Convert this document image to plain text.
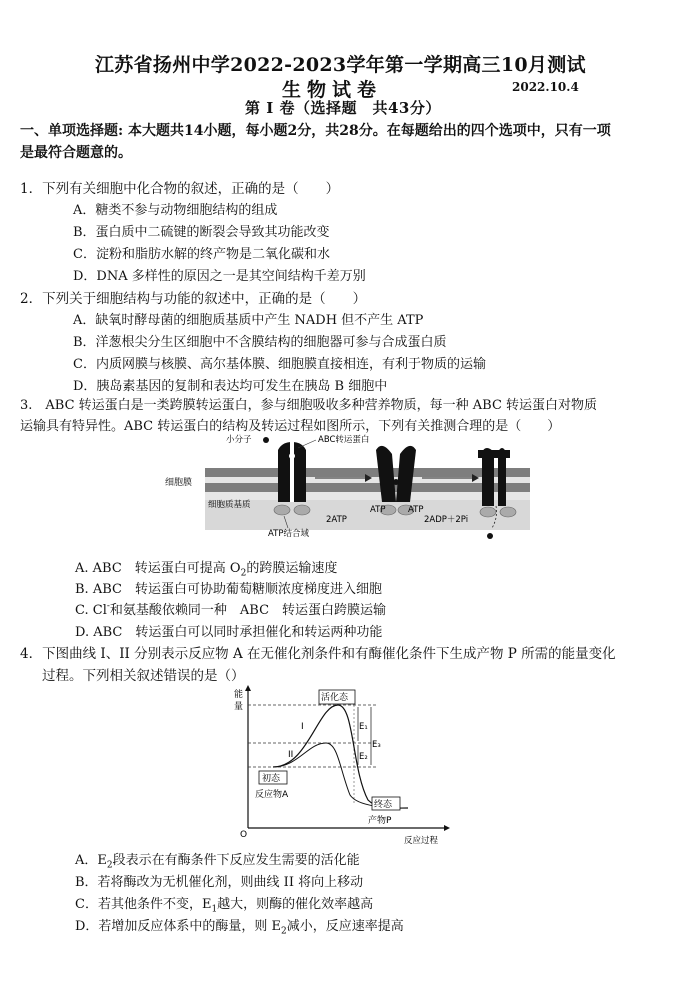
江苏省扬州中学2022-2023学年第一学期高三10月测试
生物试卷	2022.10.4
第 I 卷（选择题　共43分）
一、单项选择题: 本大题共14小题，每小题2分，共28分。在每题给出的四个选项中，只有一项
是最符合题意的。
1．下列有关细胞中化合物的叙述，正确的是（　　）
A．糖类不参与动物细胞结构的组成
B．蛋白质中二硫键的断裂会导致其功能改变
C．淀粉和脂肪水解的终产物是二氧化碳和水
D．DNA 多样性的原因之一是其空间结构千差万别
2．下列关于细胞结构与功能的叙述中，正确的是（　　）
A．缺氧时酵母菌的细胞质基质中产生 NADH 但不产生 ATP
B．洋葱根尖分生区细胞中不含膜结构的细胞器可参与合成蛋白质
C．内质网膜与核膜、高尔基体膜、细胞膜直接相连，有利于物质的运输
D．胰岛素基因的复制和表达均可发生在胰岛 B 细胞中
3.　ABC 转运蛋白是一类跨膜转运蛋白，参与细胞吸收多种营养物质，每一种 ABC 转运蛋白对物质
运输具有特异性。ABC 转运蛋白的结构及转运过程如图所示，下列有关推测合理的是（　　）
细胞膜
细胞质基质
小分子	ABC转运蛋白
ATP结合域
2ATP
ATP	ATP
2ADP＋2Pi
A. ABC　转运蛋白可提高 $O_2$的跨膜运输速度
B. ABC　转运蛋白可协助葡萄糖顺浓度梯度进入细胞
C. Cl-和氨基酸依赖同一种　ABC　转运蛋白跨膜运输
D. ABC　转运蛋白可以同时承担催化和转运两种功能
4．下图曲线 I、II 分别表示反应物 A 在无催化剂条件和有酶催化条件下生成产物 P 所需的能量变化
过程。下列相关叙述错误的是（）
能
量
O
反应过程
I
II
活化态
E₁
E₂
E₃
初态
反应物A
终态
产物P
A．$E_2$段表示在有酶条件下反应发生需要的活化能
B．若将酶改为无机催化剂，则曲线 II 将向上移动
C．若其他条件不变，$E_1$越大，则酶的催化效率越高
D．若增加反应体系中的酶量，则 $E_2$减小，反应速率提高
